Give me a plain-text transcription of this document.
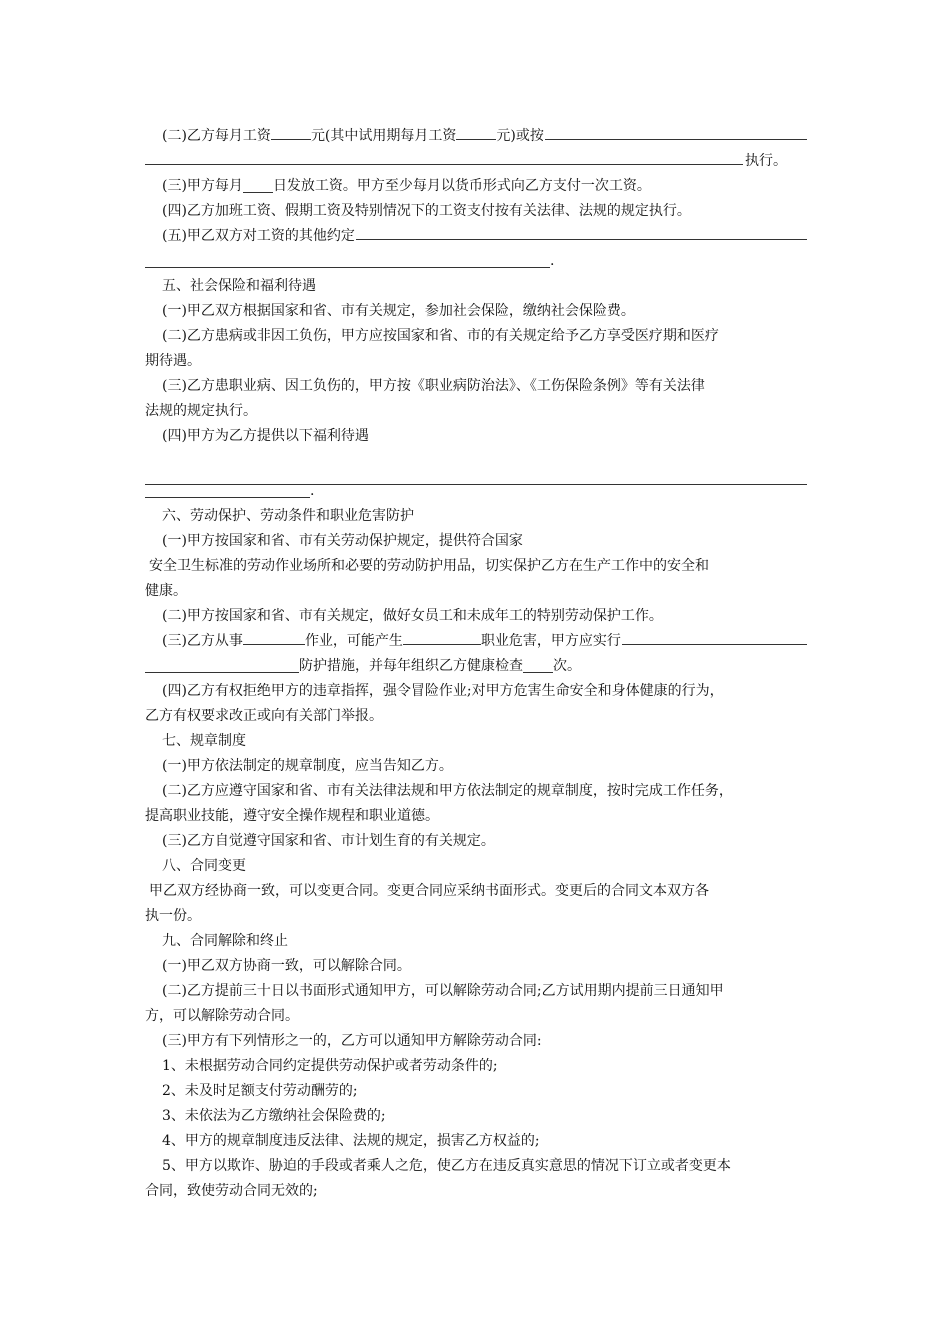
(二)乙方每月工资	元(其中试用期每月工资	元)或按
执行。
(三)甲方每月 日发放工资。甲方至少每月以货币形式向乙方支付一次工资。
(四)乙方加班工资、假期工资及特别情况下的工资支付按有关法律、法规的规定执行。
(五)甲乙双方对工资的其他约定
.
五、社会保险和福利待遇
(一)甲乙双方根据国家和省、市有关规定，参加社会保险，缴纳社会保险费。
(二)乙方患病或非因工负伤，甲方应按国家和省、市的有关规定给予乙方享受医疗期和医疗
期待遇。
(三)乙方患职业病、因工负伤的，甲方按《职业病防治法》、《工伤保险条例》等有关法律
法规的规定执行。
(四)甲方为乙方提供以下福利待遇
.
六、劳动保护、劳动条件和职业危害防护
(一)甲方按国家和省、市有关劳动保护规定，提供符合国家
安全卫生标准的劳动作业场所和必要的劳动防护用品，切实保护乙方在生产工作中的安全和
健康。
(二)甲方按国家和省、市有关规定，做好女员工和未成年工的特别劳动保护工作。
(三)乙方从事	作业，可能产生	职业危害，甲方应实行
防护措施，并每年组织乙方健康检查 次。
(四)乙方有权拒绝甲方的违章指挥，强令冒险作业;对甲方危害生命安全和身体健康的行为，
乙方有权要求改正或向有关部门举报。
七、规章制度
(一)甲方依法制定的规章制度，应当告知乙方。
(二)乙方应遵守国家和省、市有关法律法规和甲方依法制定的规章制度，按时完成工作任务，
提高职业技能，遵守安全操作规程和职业道德。
(三)乙方自觉遵守国家和省、市计划生育的有关规定。
八、合同变更
甲乙双方经协商一致，可以变更合同。变更合同应采纳书面形式。变更后的合同文本双方各
执一份。
九、合同解除和终止
(一)甲乙双方协商一致，可以解除合同。
(二)乙方提前三十日以书面形式通知甲方，可以解除劳动合同;乙方试用期内提前三日通知甲
方，可以解除劳动合同。
(三)甲方有下列情形之一的，乙方可以通知甲方解除劳动合同:
1、未根据劳动合同约定提供劳动保护或者劳动条件的;
2、未及时足额支付劳动酬劳的;
3、未依法为乙方缴纳社会保险费的;
4、甲方的规章制度违反法律、法规的规定，损害乙方权益的;
5、甲方以欺诈、胁迫的手段或者乘人之危，使乙方在违反真实意思的情况下订立或者变更本
合同，致使劳动合同无效的;
